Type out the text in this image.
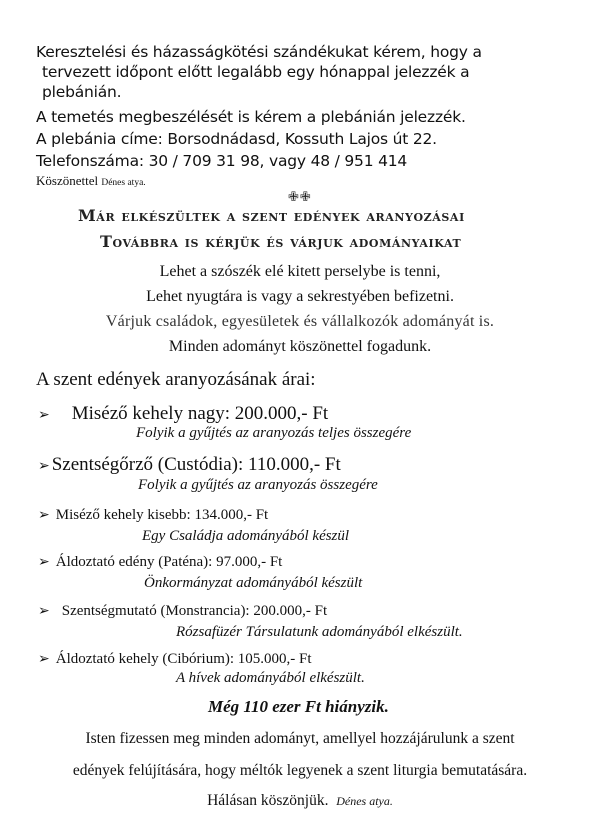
Keresztelési és házasságkötési szándékukat kérem, hogy a
tervezett időpont előtt legalább egy hónappal jelezzék a
plebánián.
A temetés megbeszélését is kérem a plebánián jelezzék.
A plebánia címe: Borsodnádasd, Kossuth Lajos út 22.
Telefonszáma: 30 / 709 31 98, vagy 48 / 951 414
Köszönettel Dénes atya.
✙✙
Már elkészültek a szent edények aranyozásai
Továbbra is kérjük és várjuk adományaikat
Lehet a szószék elé kitett perselybe is tenni,
Lehet nyugtára is vagy a sekrestyében befizetni.
Várjuk családok, egyesületek és vállalkozók adományát is.
Minden adományt köszönettel fogadunk.
A szent edények aranyozásának árai:
➢ Miséző kehely nagy: 200.000,- Ft
Folyik a gyűjtés az aranyozás teljes összegére
➢ Szentségőrző (Custódia): 110.000,- Ft
Folyik a gyűjtés az aranyozás összegére
➢ Miséző kehely kisebb: 134.000,- Ft
Egy Családja adományából készül
➢ Áldoztató edény (Paténa): 97.000,- Ft
Önkormányzat adományából készült
➢ Szentségmutató (Monstrancia): 200.000,- Ft
Rózsafüzér Társulatunk adományából elkészült.
➢ Áldoztató kehely (Cibórium): 105.000,- Ft
A hívek adományából elkészült.
Még 110 ezer Ft hiányzik.
Isten fizessen meg minden adományt, amellyel hozzájárulunk a szent
edények felújítására, hogy méltók legyenek a szent liturgia bemutatására.
Hálásan köszönjük. Dénes atya.
